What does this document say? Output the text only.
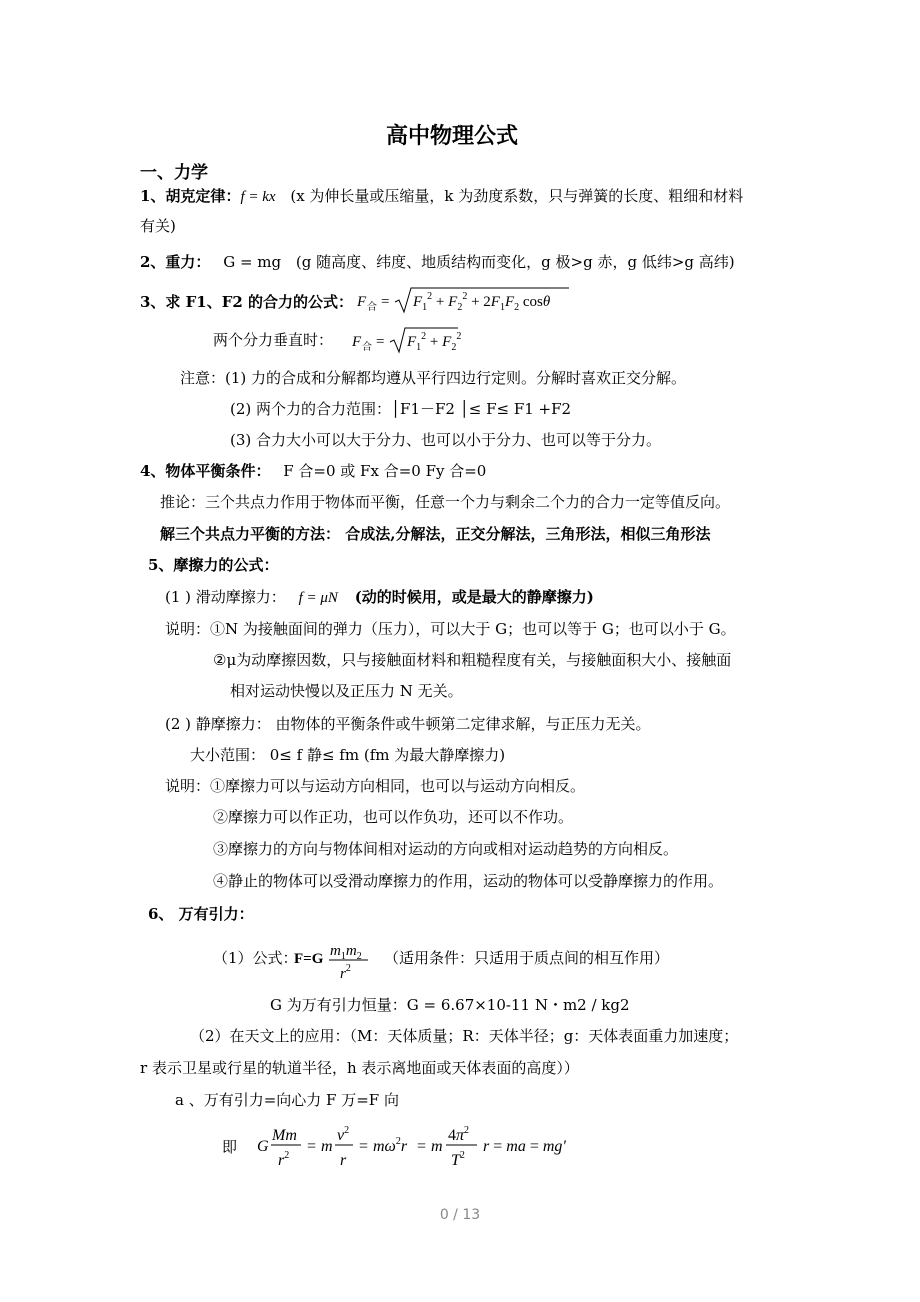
高中物理公式
一、力学
1、胡克定律：f = kx (x 为伸长量或压缩量，k 为劲度系数，只与弹簧的长度、粗细和材料
有关)
2、重力： G = mg (g 随高度、纬度、地质结构而变化，g 极>g 赤，g 低纬>g 高纬)
3、求 F1、F2 的合力的公式： F 合 = $F_1^2 + F_2^2 + 2F_1F_2$ cosθ
两个分力垂直时： F 合 = $F_1^2 + F_2^2$
注意：(1) 力的合成和分解都均遵从平行四边行定则。分解时喜欢正交分解。
(2) 两个力的合力范围：│F1－F2 │≤ F≤ F1 +F2
(3) 合力大小可以大于分力、也可以小于分力、也可以等于分力。
4、物体平衡条件： F 合=0 或 Fx 合=0 Fy 合=0
推论：三个共点力作用于物体而平衡，任意一个力与剩余二个力的合力一定等值反向。
解三个共点力平衡的方法： 合成法,分解法，正交分解法，三角形法，相似三角形法
5、摩擦力的公式：
(1 ) 滑动摩擦力： f = μN (动的时候用，或是最大的静摩擦力)
说明：①N 为接触面间的弹力（压力），可以大于 G；也可以等于 G；也可以小于 G。
②μ为动摩擦因数，只与接触面材料和粗糙程度有关，与接触面积大小、接触面
相对运动快慢以及正压力 N 无关。
(2 ) 静摩擦力： 由物体的平衡条件或牛顿第二定律求解，与正压力无关。
大小范围： 0≤ f 静≤ fm (fm 为最大静摩擦力)
说明：①摩擦力可以与运动方向相同，也可以与运动方向相反。
②摩擦力可以作正功，也可以作负功，还可以不作功。
③摩擦力的方向与物体间相对运动的方向或相对运动趋势的方向相反。
④静止的物体可以受滑动摩擦力的作用，运动的物体可以受静摩擦力的作用。
6、 万有引力：
（1）公式：
F=G $m_1m_2$
$r^2$
（适用条件：只适用于质点间的相互作用）
G 为万有引力恒量：G = 6.67×10-11 N・m2 / kg2
（2）在天文上的应用：（M：天体质量；R：天体半径；g：天体表面重力加速度；
r 表示卫星或行星的轨道半径，h 表示离地面或天体表面的高度））
a 、万有引力=向心力 F 万=F 向
即 G
Mm
$r^2$
= m
$v^2$
r
= $m\omega^2r = m$
$4\pi^2$
$T^2$
r = ma = mg'
0 / 13
